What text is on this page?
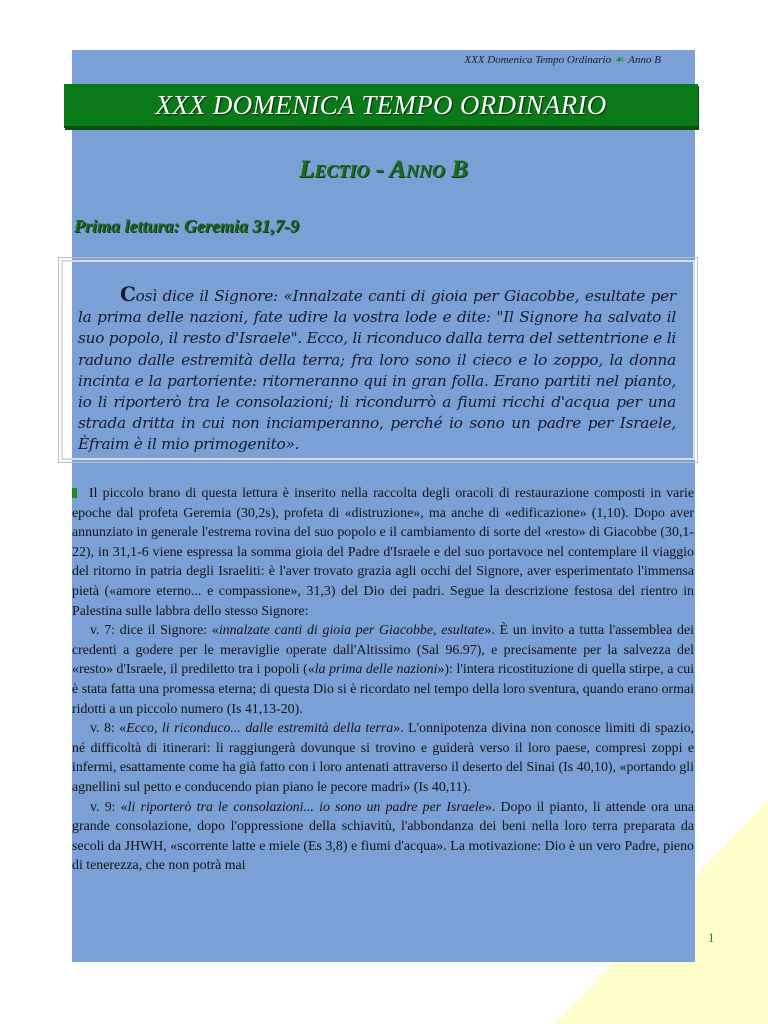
XXX Domenica Tempo Ordinario ☙ Anno B
XXX DOMENICA TEMPO ORDINARIO
Lectio - Anno B
Prima lettura: Geremia 31,7-9
Così dice il Signore: «Innalzate canti di gioia per Giacobbe, esultate per la prima delle nazioni, fate udire la vostra lode e dite: "Il Signore ha salvato il suo popolo, il resto d'Israele". Ecco, li riconduco dalla terra del settentrione e li raduno dalle estremità della terra; fra loro sono il cieco e lo zoppo, la donna incinta e la partoriente: ritorneranno qui in gran folla. Erano partiti nel pianto, io li riporterò tra le consolazioni; li ricondurrò a fiumi ricchi d'acqua per una strada dritta in cui non inciamperanno, perché io sono un padre per Israele, Èfraim è il mio primogenito».

Il piccolo brano di questa lettura è inserito nella raccolta degli oracoli di restaurazione composti in varie epoche dal profeta Geremia (30,2s), profeta di «distruzione», ma anche di «edificazione» (1,10). Dopo aver annunziato in generale l'estrema rovina del suo popolo e il cambiamento di sorte del «resto» di Giacobbe (30,1-22), in 31,1-6 viene espressa la somma gioia del Padre d'Israele e del suo portavoce nel contemplare il viaggio del ritorno in patria degli Israeliti: è l'aver trovato grazia agli occhi del Signore, aver esperimentato l'immensa pietà («amore eterno... e compassione», 31,3) del Dio dei padri. Segue la descrizione festosa del rientro in Palestina sulle labbra dello stesso Signore:

v. 7: dice il Signore: «innalzate canti di gioia per Giacobbe, esultate». È un invito a tutta l'assemblea dei credenti a godere per le meraviglie operate dall'Altissimo (Sal 96.97), e precisamente per la salvezza del «resto» d'Israele, il prediletto tra i popoli («la prima delle nazioni»): l'intera ricostituzione di quella stirpe, a cui è stata fatta una promessa eterna; di questa Dio si è ricordato nel tempo della loro sventura, quando erano ormai ridotti a un piccolo numero (Is 41,13-20).

v. 8: «Ecco, li riconduco... dalle estremità della terra». L'onnipotenza divina non conosce limiti di spazio, né difficoltà di itinerari: li raggiungerà dovunque si trovino e guiderà verso il loro paese, compresi zoppi e infermi, esattamente come ha già fatto con i loro antenati attraverso il deserto del Sinai (Is 40,10), «portando gli agnellini sul petto e conducendo pian piano le pecore madri» (Is 40,11).

v. 9: «li riporterò tra le consolazioni... io sono un padre per Israele». Dopo il pianto, li attende ora una grande consolazione, dopo l'oppressione della schiavitù, l'abbondanza dei beni nella loro terra preparata da secoli da JHWH, «scorrente latte e miele (Es 3,8) e fiumi d'acqua». La motivazione: Dio è un vero Padre, pieno di tenerezza, che non potrà mai

1
